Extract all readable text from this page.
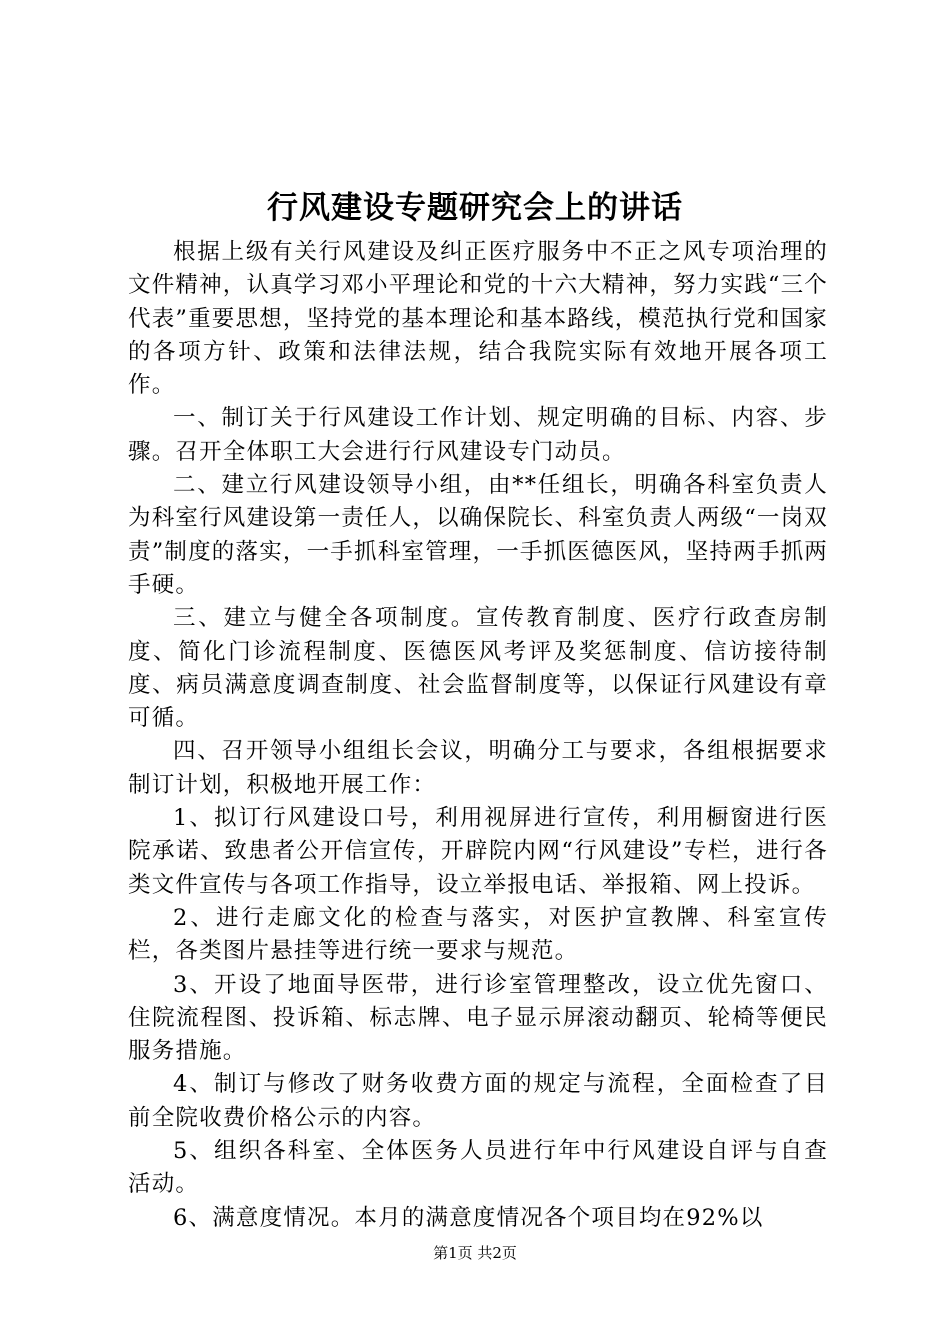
行风建设专题研究会上的讲话

根据上级有关行风建设及纠正医疗服务中不正之风专项治理的文件精神，认真学习邓小平理论和党的十六大精神，努力实践“三个代表”重要思想，坚持党的基本理论和基本路线，模范执行党和国家的各项方针、政策和法律法规，结合我院实际有效地开展各项工作。

一、制订关于行风建设工作计划、规定明确的目标、内容、步骤。召开全体职工大会进行行风建设专门动员。

二、建立行风建设领导小组，由**任组长，明确各科室负责人为科室行风建设第一责任人，以确保院长、科室负责人两级“一岗双责”制度的落实，一手抓科室管理，一手抓医德医风，坚持两手抓两手硬。

三、建立与健全各项制度。宣传教育制度、医疗行政查房制度、简化门诊流程制度、医德医风考评及奖惩制度、信访接待制度、病员满意度调查制度、社会监督制度等，以保证行风建设有章可循。

四、召开领导小组组长会议，明确分工与要求，各组根据要求制订计划，积极地开展工作：

1、拟订行风建设口号，利用视屏进行宣传，利用橱窗进行医院承诺、致患者公开信宣传，开辟院内网“行风建设”专栏，进行各类文件宣传与各项工作指导，设立举报电话、举报箱、网上投诉。

2、进行走廊文化的检查与落实，对医护宣教牌、科室宣传栏，各类图片悬挂等进行统一要求与规范。

3、开设了地面导医带，进行诊室管理整改，设立优先窗口、住院流程图、投诉箱、标志牌、电子显示屏滚动翻页、轮椅等便民服务措施。

4、制订与修改了财务收费方面的规定与流程，全面检查了目前全院收费价格公示的内容。

5、组织各科室、全体医务人员进行年中行风建设自评与自查活动。

6、满意度情况。本月的满意度情况各个项目均在92%以

第1页 共2页
